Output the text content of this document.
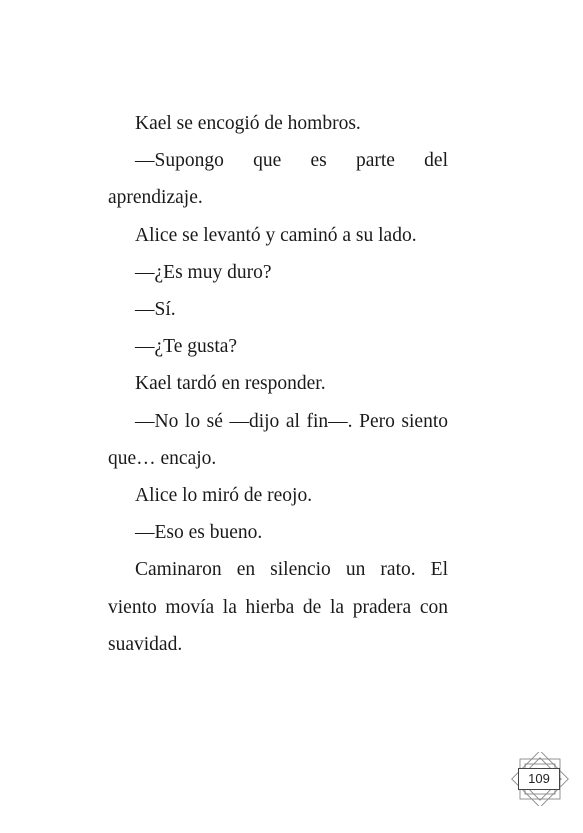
Kael se encogió de hombros.

—Supongo que es parte del aprendizaje.

Alice se levantó y caminó a su lado.

—¿Es muy duro?

—Sí.

—¿Te gusta?

Kael tardó en responder.

—No lo sé —dijo al fin—. Pero siento que… encajo.

Alice lo miró de reojo.

—Eso es bueno.

Caminaron en silencio un rato. El viento movía la hierba de la pradera con suavidad.

109
